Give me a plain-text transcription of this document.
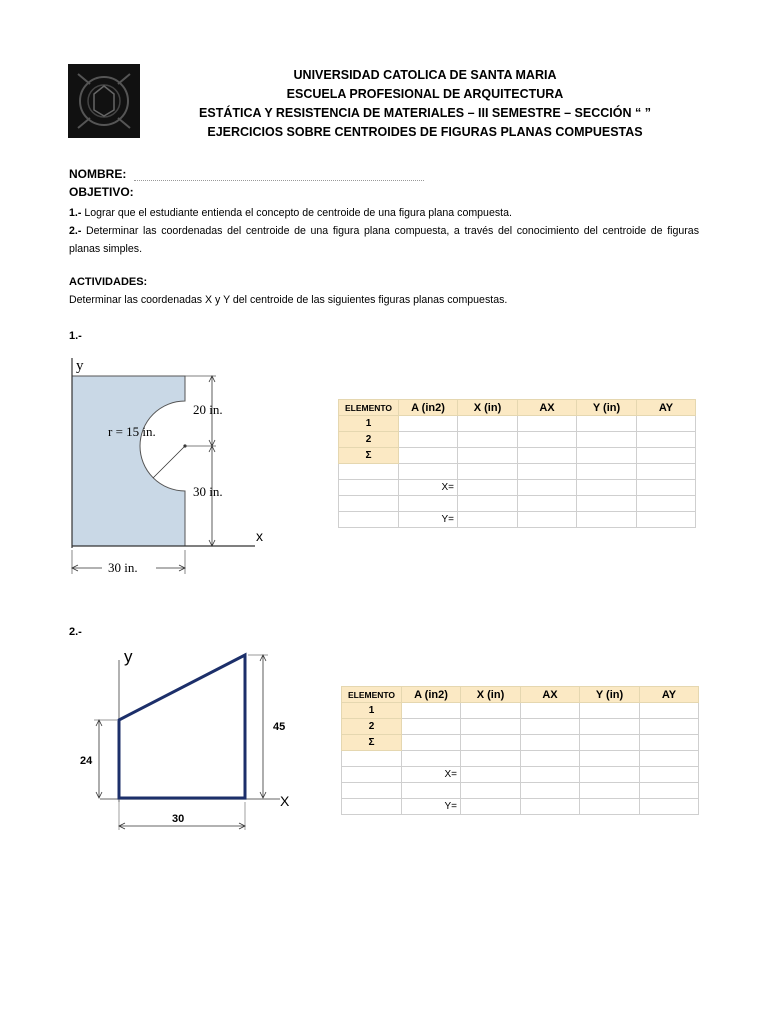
UNIVERSIDAD CATOLICA DE SANTA MARIA
ESCUELA PROFESIONAL DE ARQUITECTURA
ESTÁTICA Y RESISTENCIA DE MATERIALES – III SEMESTRE – SECCIÓN “ ”
EJERCICIOS SOBRE CENTROIDES DE FIGURAS PLANAS COMPUESTAS
NOMBRE:
OBJETIVO:
1.- Lograr que el estudiante entienda el concepto de centroide de una figura plana compuesta.
2.- Determinar las coordenadas del centroide de una figura plana compuesta, a través del conocimiento del centroide de figuras planas simples.
ACTIVIDADES:
Determinar las coordenadas X y Y del centroide de las siguientes figuras planas compuestas.
1.-
y
x
r = 15 in.
20 in.
30 in.
30 in.
ELEMENTO	A (in2)	X (in)	AX	Y (in)	AY
1					
2					
Σ					

	X=				

	Y=				
2.-
y
X
24
45
30
ELEMENTO	A (in2)	X (in)	AX	Y (in)	AY
1					
2					
Σ					

	X=				

	Y=				
